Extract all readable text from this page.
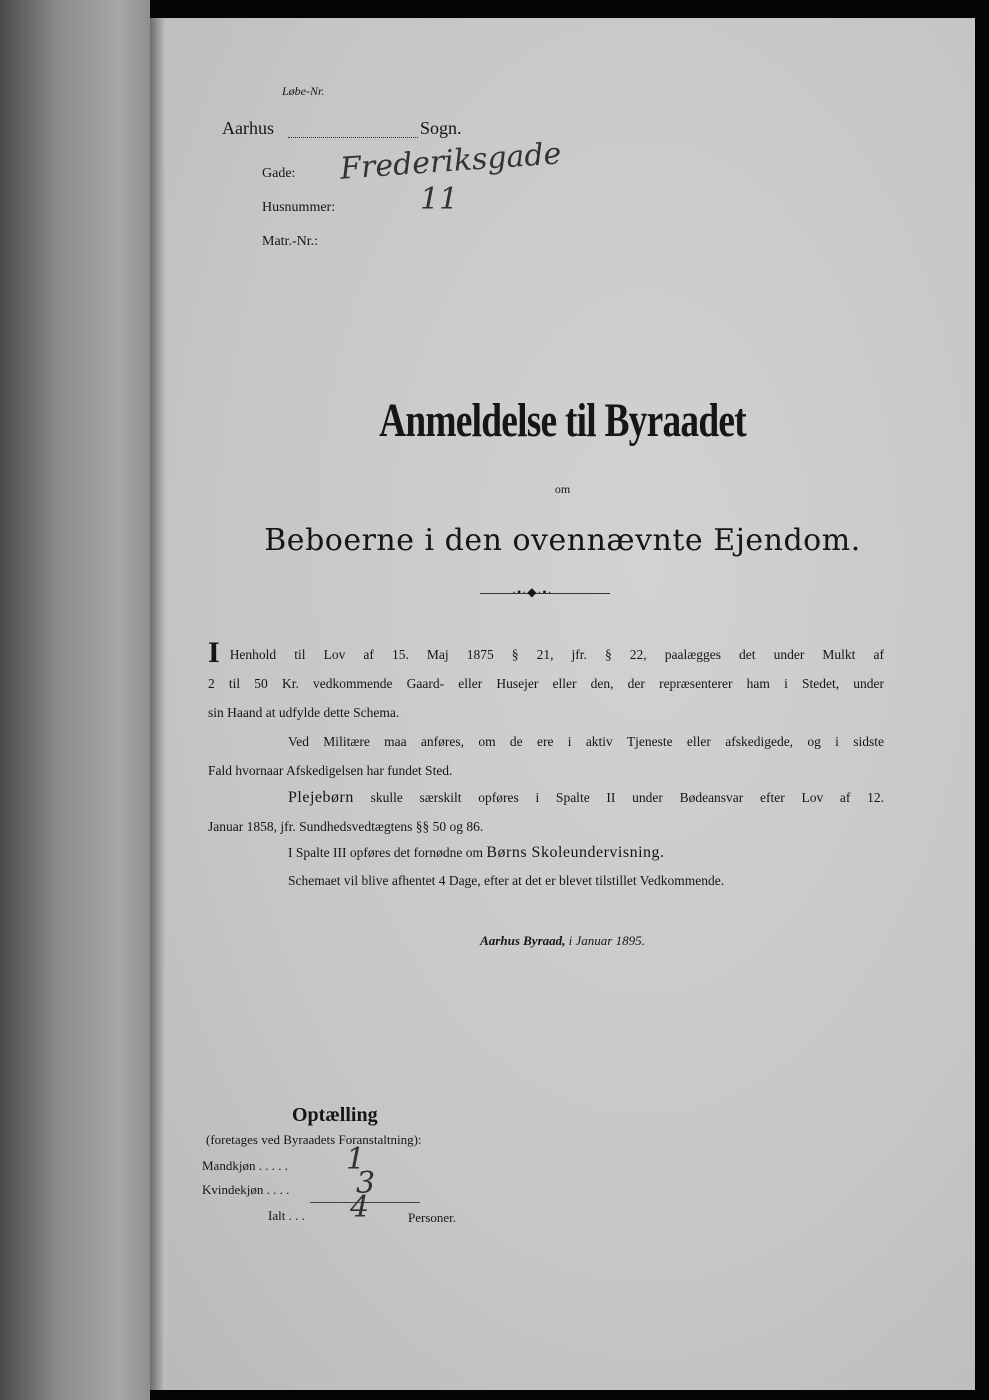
Løbe-Nr.
Aarhus	Sogn.
Gade: Frederiksgade
Husnummer:	11
Matr.-Nr.:
Anmeldelse til Byraadet
om
Beboerne i den ovennævnte Ejendom.
·•·◆·•·
I Henhold til Lov af 15. Maj 1875 § 21, jfr. § 22, paalægges det under Mulkt af
2 til 50 Kr. vedkommende Gaard- eller Husejer eller den, der repræsenterer ham i Stedet, under
sin Haand at udfylde dette Schema.
Ved Militære maa anføres, om de ere i aktiv Tjeneste eller afskedigede, og i sidste
Fald hvornaar Afskedigelsen har fundet Sted.
Plejebørn skulle særskilt opføres i Spalte II under Bødeansvar efter Lov af 12.
Januar 1858, jfr. Sundhedsvedtægtens §§ 50 og 86.
I Spalte III opføres det fornødne om Børns Skoleundervisning.
Schemaet vil blive afhentet 4 Dage, efter at det er blevet tilstillet Vedkommende.
Aarhus Byraad, i Januar 1895.
Optælling
(foretages ved Byraadets Foranstaltning):
Mandkjøn . . . . . 1
Kvindekjøn . . . . 3
Ialt . . . 4	Personer.
